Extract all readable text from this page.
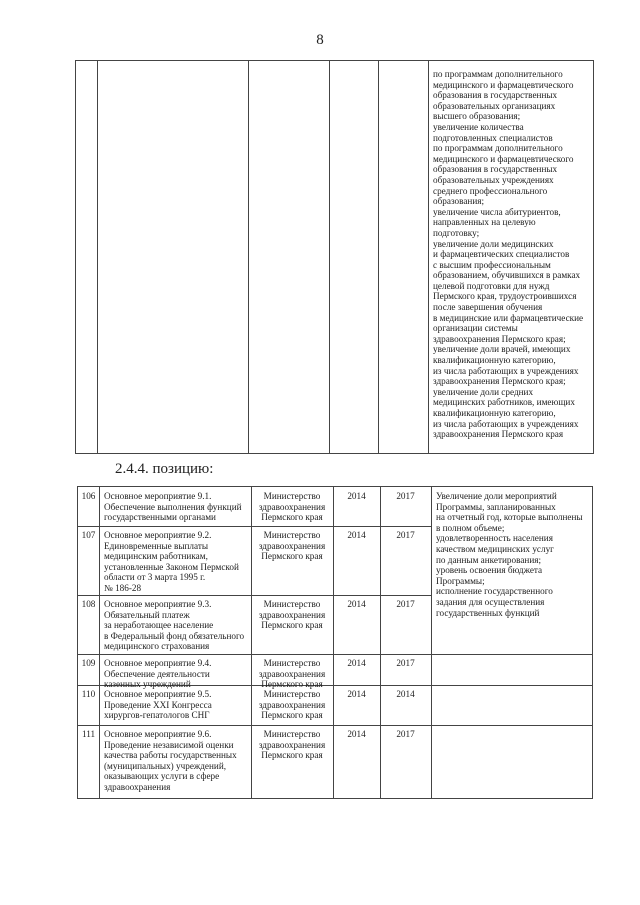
8
по программам дополнительного
медицинского и фармацевтического
образования в государственных
образовательных организациях
высшего образования;
увеличение количества
подготовленных специалистов
по программам дополнительного
медицинского и фармацевтического
образования в государственных
образовательных учреждениях
среднего профессионального
образования;
увеличение числа абитуриентов,
направленных на целевую
подготовку;
увеличение доли медицинских
и фармацевтических специалистов
с высшим профессиональным
образованием, обучившихся в рамках
целевой подготовки для нужд
Пермского края, трудоустроившихся
после завершения обучения
в медицинские или фармацевтические
организации системы
здравоохранения Пермского края;
увеличение доли врачей, имеющих
квалификационную категорию,
из числа работающих в учреждениях
здравоохранения Пермского края;
увеличение доли средних
медицинских работников, имеющих
квалификационную категорию,
из числа работающих в учреждениях
здравоохранения Пермского края
2.4.4. позицию:
106 Основное мероприятие 9.1.
Обеспечение выполнения функций
государственными органами
Министерство
здравоохранения
Пермского края
2014	2017
107 Основное мероприятие 9.2.
Единовременные выплаты
медицинским работникам,
установленные Законом Пермской
области от 3 марта 1995 г.
№ 186-28
Министерство
здравоохранения
Пермского края
2014	2017
108 Основное мероприятие 9.3.
Обязательный платеж
за неработающее население
в Федеральный фонд обязательного
медицинского страхования
Министерство
здравоохранения
Пермского края
2014	2017
109 Основное мероприятие 9.4.
Обеспечение деятельности
казенных учреждений
Министерство
здравоохранения
Пермского края
2014	2017
110 Основное мероприятие 9.5.
Проведение XXI Конгресса
хирургов-гепатологов СНГ
Министерство
здравоохранения
Пермского края
2014	2014
111 Основное мероприятие 9.6.
Проведение независимой оценки
качества работы государственных
(муниципальных) учреждений,
оказывающих услуги в сфере
здравоохранения
Министерство
здравоохранения
Пермского края
2014	2017
Увеличение доли мероприятий
Программы, запланированных
на отчетный год, которые выполнены
в полном объеме;
удовлетворенность населения
качеством медицинских услуг
по данным анкетирования;
уровень освоения бюджета
Программы;
исполнение государственного
задания для осуществления
государственных функций
